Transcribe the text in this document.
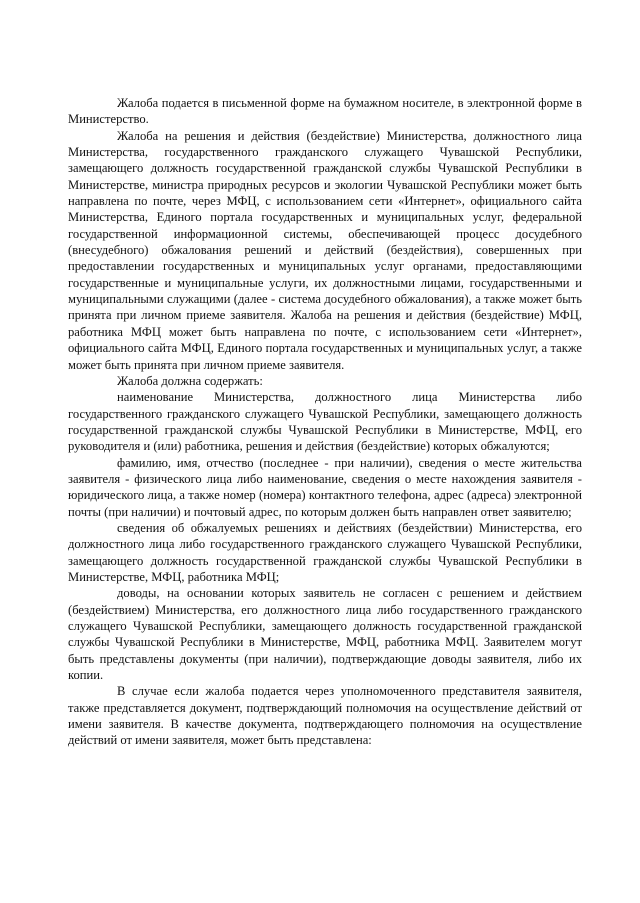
Жалоба подается в письменной форме на бумажном носителе, в электронной форме в Министерство.

Жалоба на решения и действия (бездействие) Министерства, должностного лица Министерства, государственного гражданского служащего Чувашской Республики, замещающего должность государственной гражданской службы Чувашской Республики в Министерстве, министра природных ресурсов и экологии Чувашской Республики может быть направлена по почте, через МФЦ, с использованием сети «Интернет», официального сайта Министерства, Единого портала государственных и муниципальных услуг, федеральной государственной информационной системы, обеспечивающей процесс досудебного (внесудебного) обжалования решений и действий (бездействия), совершенных при предоставлении государственных и муниципальных услуг органами, предоставляющими государственные и муниципальные услуги, их должностными лицами, государственными и муниципальными служащими (далее - система досудебного обжалования), а также может быть принята при личном приеме заявителя. Жалоба на решения и действия (бездействие) МФЦ, работника МФЦ может быть направлена по почте, с использованием сети «Интернет», официального сайта МФЦ, Единого портала государственных и муниципальных услуг, а также может быть принята при личном приеме заявителя.

Жалоба должна содержать:

наименование Министерства, должностного лица Министерства либо государственного гражданского служащего Чувашской Республики, замещающего должность государственной гражданской службы Чувашской Республики в Министерстве, МФЦ, его руководителя и (или) работника, решения и действия (бездействие) которых обжалуются;

фамилию, имя, отчество (последнее - при наличии), сведения о месте жительства заявителя - физического лица либо наименование, сведения о месте нахождения заявителя - юридического лица, а также номер (номера) контактного телефона, адрес (адреса) электронной почты (при наличии) и почтовый адрес, по которым должен быть направлен ответ заявителю;

сведения об обжалуемых решениях и действиях (бездействии) Министерства, его должностного лица либо государственного гражданского служащего Чувашской Республики, замещающего должность государственной гражданской службы Чувашской Республики в Министерстве, МФЦ, работника МФЦ;

доводы, на основании которых заявитель не согласен с решением и действием (бездействием) Министерства, его должностного лица либо государственного гражданского служащего Чувашской Республики, замещающего должность государственной гражданской службы Чувашской Республики в Министерстве, МФЦ, работника МФЦ. Заявителем могут быть представлены документы (при наличии), подтверждающие доводы заявителя, либо их копии.

В случае если жалоба подается через уполномоченного представителя заявителя, также представляется документ, подтверждающий полномочия на осуществление действий от имени заявителя. В качестве документа, подтверждающего полномочия на осуществление действий от имени заявителя, может быть представлена:
